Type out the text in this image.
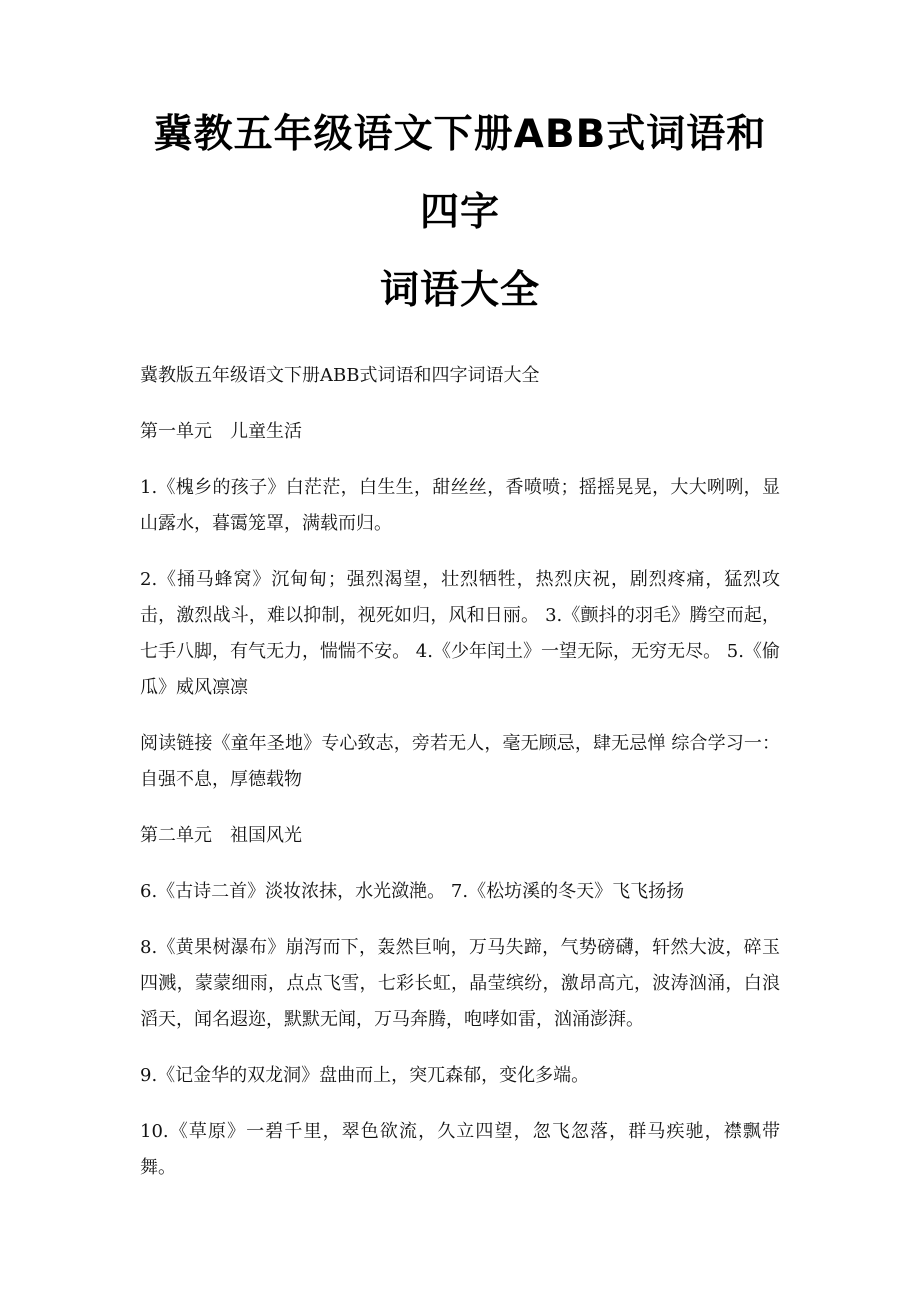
冀教五年级语文下册ABB式词语和四字
词语大全

冀教版五年级语文下册ABB式词语和四字词语大全

第一单元　儿童生活

1.《槐乡的孩子》白茫茫，白生生，甜丝丝，香喷喷；摇摇晃晃，大大咧咧，显山露水，暮霭笼罩，满载而归。

2.《捅马蜂窝》沉甸甸；强烈渴望，壮烈牺牲，热烈庆祝，剧烈疼痛，猛烈攻击，激烈战斗，难以抑制，视死如归，风和日丽。 3.《颤抖的羽毛》腾空而起，七手八脚，有气无力，惴惴不安。 4.《少年闰土》一望无际，无穷无尽。 5.《偷瓜》威风凛凛

阅读链接《童年圣地》专心致志，旁若无人，毫无顾忌，肆无忌惮 综合学习一：自强不息，厚德载物

第二单元　祖国风光

6.《古诗二首》淡妆浓抹，水光潋滟。 7.《松坊溪的冬天》飞飞扬扬

8.《黄果树瀑布》崩泻而下，轰然巨响，万马失蹄，气势磅礴，轩然大波，碎玉四溅，蒙蒙细雨，点点飞雪，七彩长虹，晶莹缤纷，激昂高亢，波涛汹涌，白浪滔天，闻名遐迩，默默无闻，万马奔腾，咆哮如雷，汹涌澎湃。

9.《记金华的双龙洞》盘曲而上，突兀森郁，变化多端。

10.《草原》一碧千里，翠色欲流，久立四望，忽飞忽落，群马疾驰，襟飘带舞。
